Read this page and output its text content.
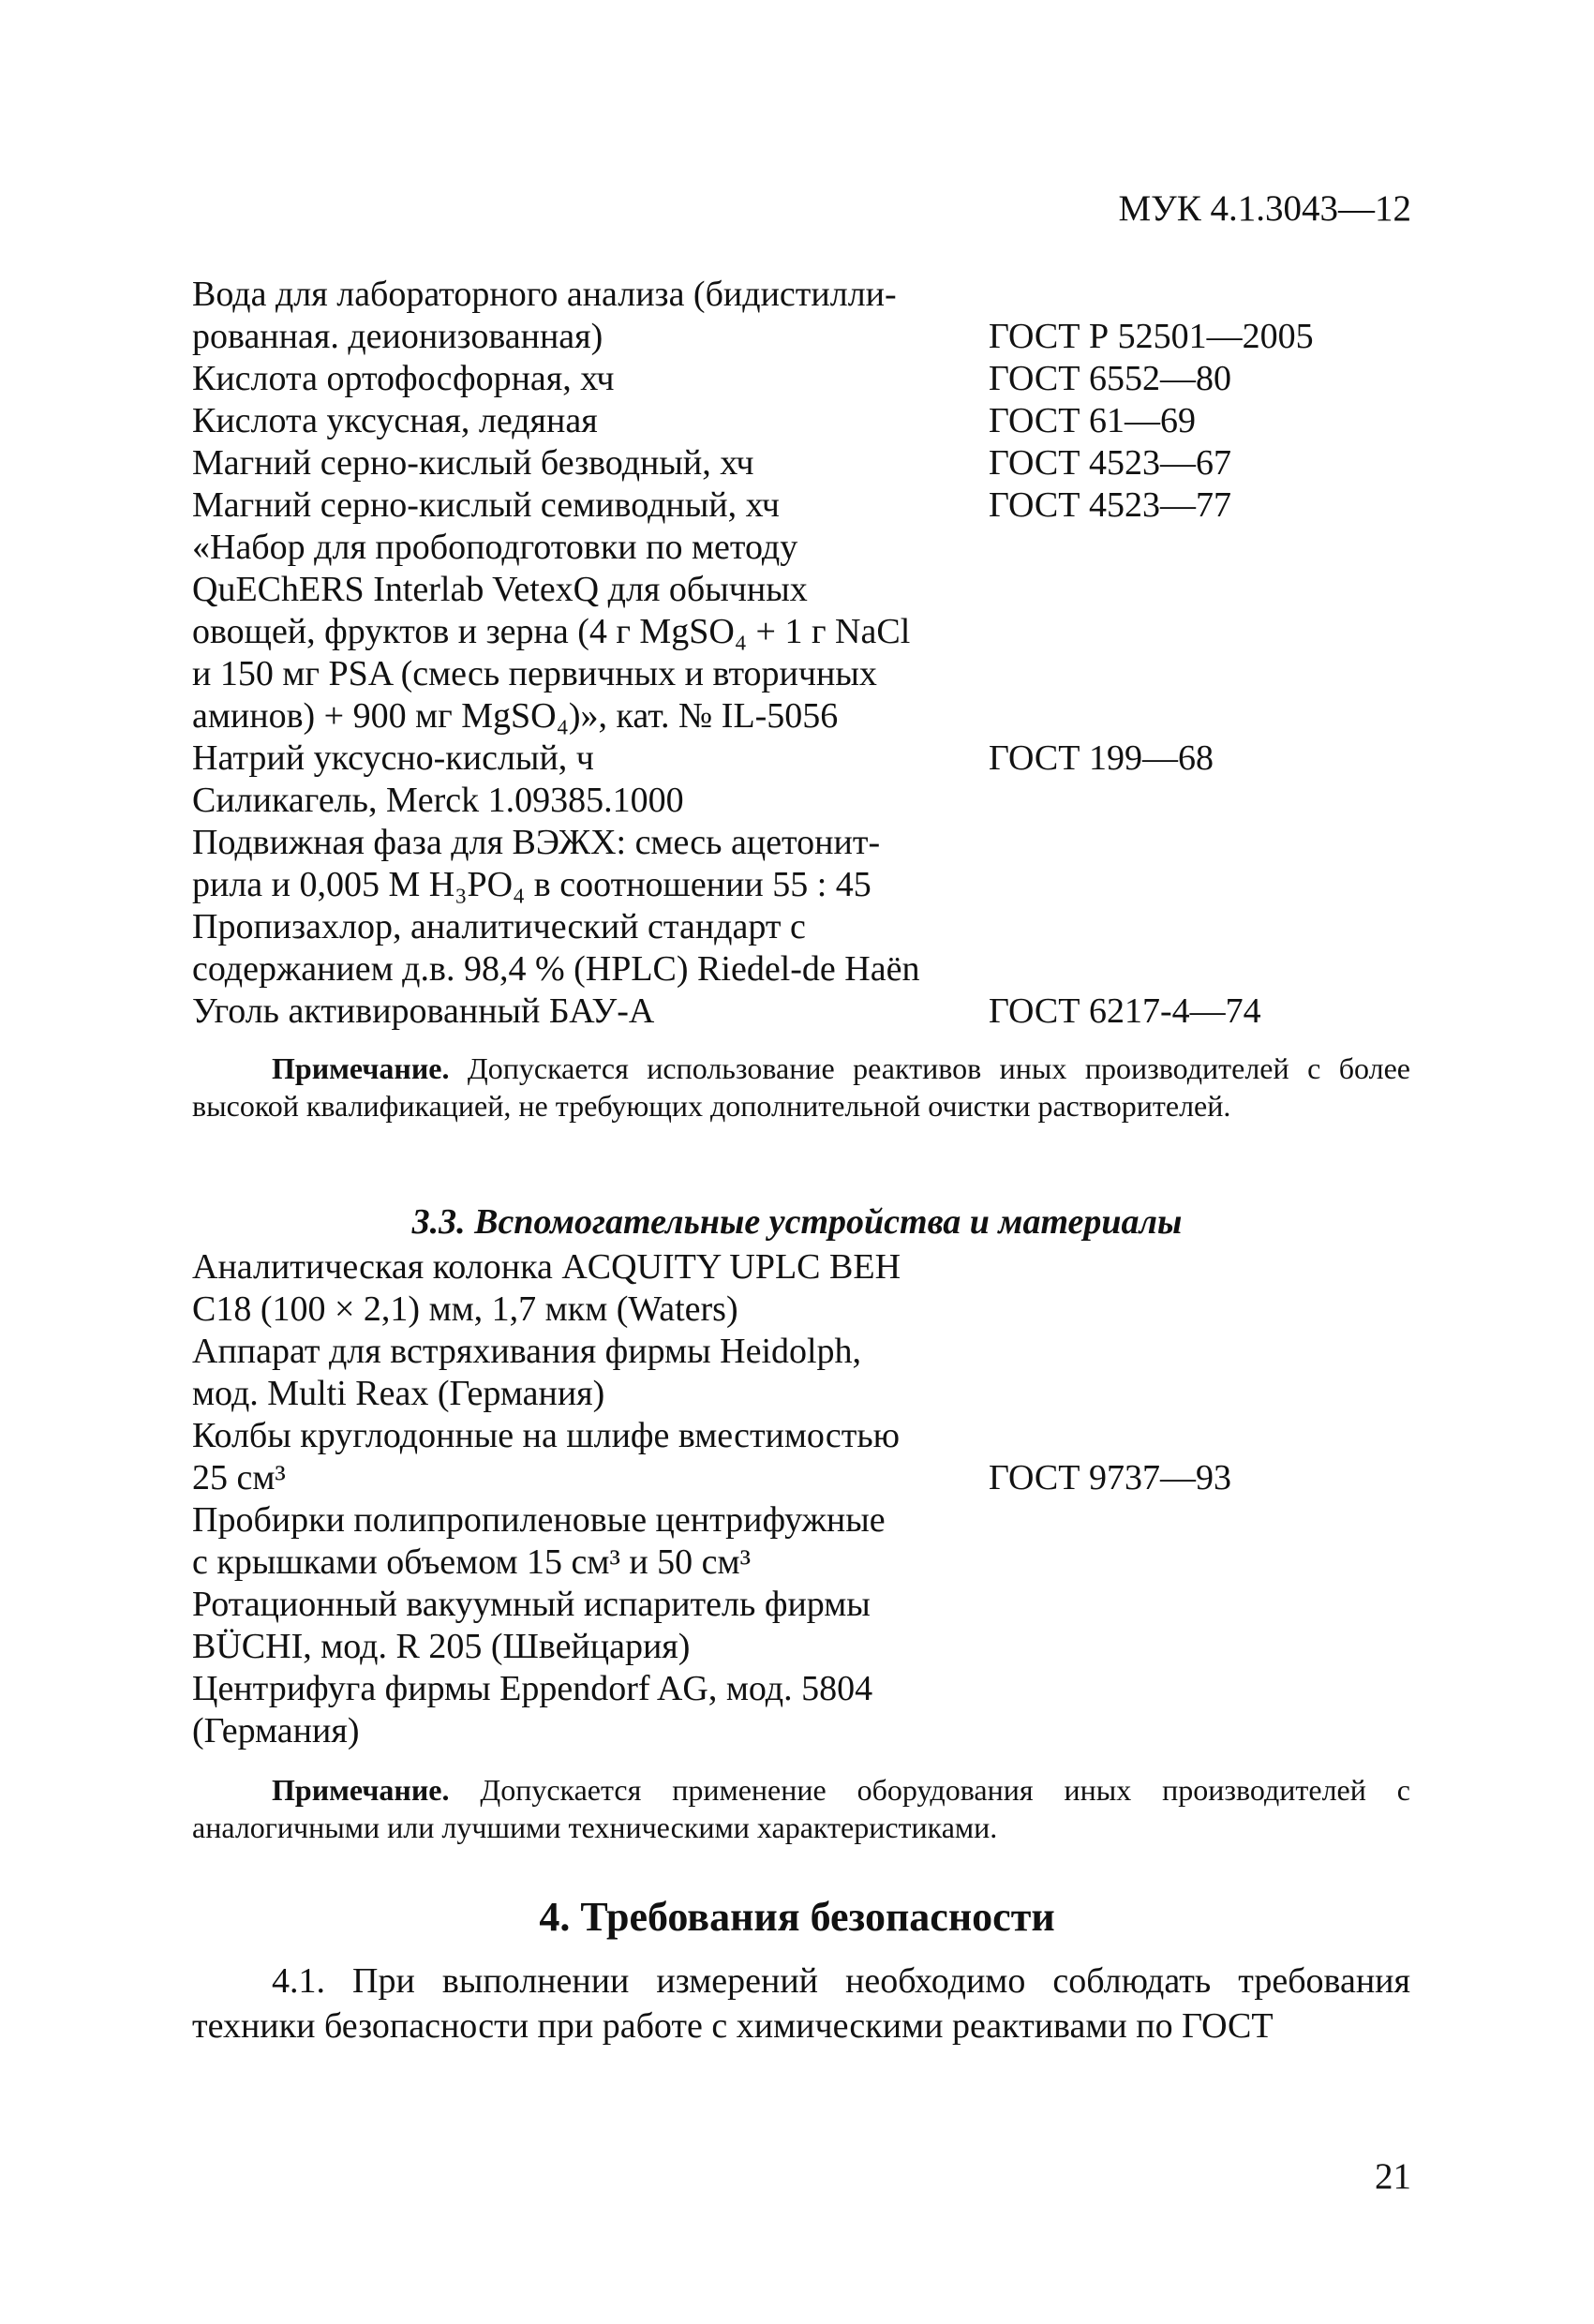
МУК 4.1.3043—12
Вода для лабораторного анализа (бидистилли-
рованная. деионизованная)	ГОСТ Р 52501—2005
Кислота ортофосфорная, хч	ГОСТ 6552—80
Кислота уксусная, ледяная	ГОСТ 61—69
Магний серно-кислый безводный, хч	ГОСТ 4523—67
Магний серно-кислый семиводный, хч	ГОСТ 4523—77
«Набор для пробоподготовки по методу
QuEChERS Interlab VetexQ для обычных
овощей, фруктов и зерна (4 г MgSO₄ + 1 г NaCl
и 150 мг PSA (смесь первичных и вторичных
аминов) + 900 мг MgSO₄)», кат. № IL-5056
Натрий уксусно-кислый, ч	ГОСТ 199—68
Силикагель, Merck 1.09385.1000
Подвижная фаза для ВЭЖХ: смесь ацетонит-
рила и 0,005 М H₃PO₄ в соотношении 55 : 45
Пропизахлор, аналитический стандарт с
содержанием д.в. 98,4 % (HPLC) Riedel-de Haën
Уголь активированный БАУ-А	ГОСТ 6217-4—74
Примечание. Допускается использование реактивов иных производителей с более высокой квалификацией, не требующих дополнительной очистки растворителей.
3.3. Вспомогательные устройства и материалы
Аналитическая колонка ACQUITY UPLC BEH
C18 (100 × 2,1) мм, 1,7 мкм (Waters)
Аппарат для встряхивания фирмы Heidolph,
мод. Multi Reax (Германия)
Колбы круглодонные на шлифе вместимостью
25 см³	ГОСТ 9737—93
Пробирки полипропиленовые центрифужные
с крышками объемом 15 см³ и 50 см³
Ротационный вакуумный испаритель фирмы
BÜCHI, мод. R 205 (Швейцария)
Центрифуга фирмы Eppendorf AG, мод. 5804
(Германия)
Примечание. Допускается применение оборудования иных производителей с аналогичными или лучшими техническими характеристиками.
4. Требования безопасности
4.1. При выполнении измерений необходимо соблюдать требования техники безопасности при работе с химическими реактивами по ГОСТ
21
